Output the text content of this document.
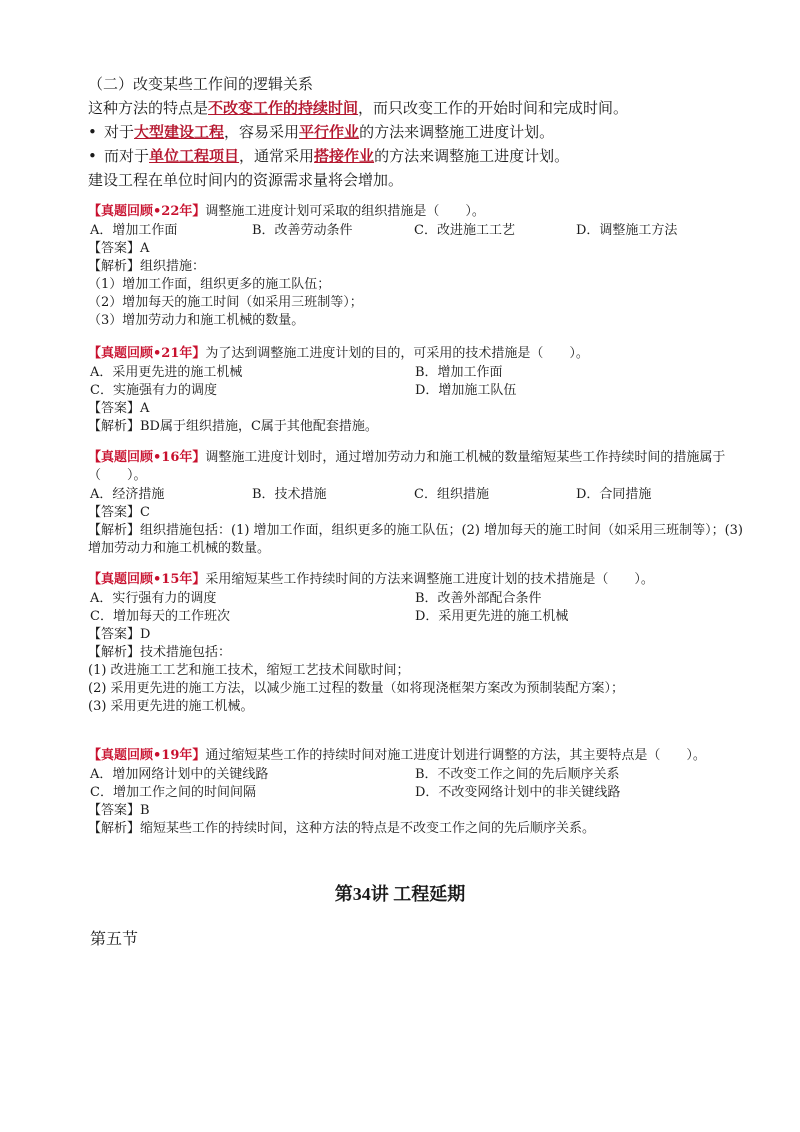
（二）改变某些工作间的逻辑关系
这种方法的特点是不改变工作的持续时间，而只改变工作的开始时间和完成时间。
• 对于大型建设工程，容易采用平行作业的方法来调整施工进度计划。
• 而对于单位工程项目，通常采用搭接作业的方法来调整施工进度计划。
建设工程在单位时间内的资源需求量将会增加。
【真题回顾•22年】调整施工进度计划可采取的组织措施是（　　）。
A．增加工作面	B．改善劳动条件	C．改进施工工艺	D．调整施工方法
【答案】A
【解析】组织措施：
（1）增加工作面，组织更多的施工队伍；
（2）增加每天的施工时间（如采用三班制等）；
（3）增加劳动力和施工机械的数量。
【真题回顾•21年】为了达到调整施工进度计划的目的，可采用的技术措施是（　　）。
A．采用更先进的施工机械	B．增加工作面
C．实施强有力的调度	D．增加施工队伍
【答案】A
【解析】BD属于组织措施，C属于其他配套措施。
【真题回顾•16年】调整施工进度计划时，通过增加劳动力和施工机械的数量缩短某些工作持续时间的措施属于（　　）。
A．经济措施	B．技术措施	C．组织措施	D．合同措施
【答案】C
【解析】组织措施包括：(1) 增加工作面，组织更多的施工队伍；(2) 增加每天的施工时间（如采用三班制等）；(3) 增加劳动力和施工机械的数量。
【真题回顾•15年】采用缩短某些工作持续时间的方法来调整施工进度计划的技术措施是（　　）。
A．实行强有力的调度	B．改善外部配合条件
C．增加每天的工作班次	D．采用更先进的施工机械
【答案】D
【解析】技术措施包括：
(1) 改进施工工艺和施工技术，缩短工艺技术间歇时间；
(2) 采用更先进的施工方法，以减少施工过程的数量（如将现浇框架方案改为预制装配方案）；
(3) 采用更先进的施工机械。
【真题回顾•19年】通过缩短某些工作的持续时间对施工进度计划进行调整的方法，其主要特点是（　　）。
A．增加网络计划中的关键线路	B．不改变工作之间的先后顺序关系
C．增加工作之间的时间间隔	D．不改变网络计划中的非关键线路
【答案】B
【解析】缩短某些工作的持续时间，这种方法的特点是不改变工作之间的先后顺序关系。
第34讲 工程延期
第五节
